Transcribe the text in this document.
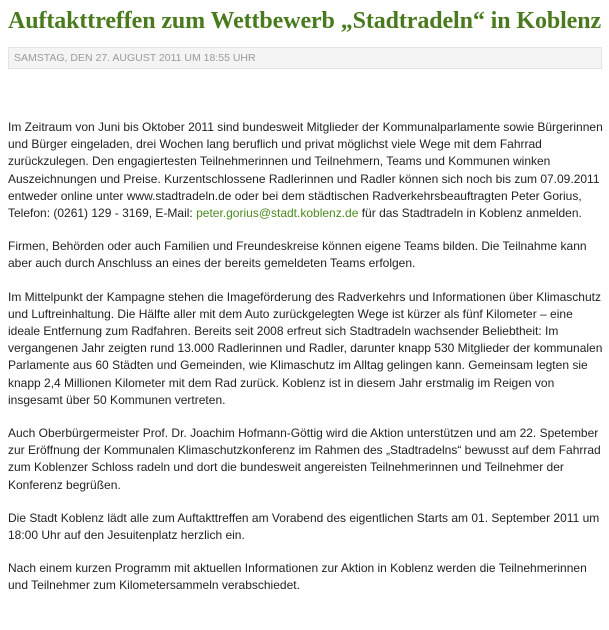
Auftakttreffen zum Wettbewerb „Stadtradeln“ in Koblenz
SAMSTAG, DEN 27. AUGUST 2011 UM 18:55 UHR

Im Zeitraum von Juni bis Oktober 2011 sind bundesweit Mitglieder der Kommunalparlamente sowie Bürgerinnen und Bürger eingeladen, drei Wochen lang beruflich und privat möglichst viele Wege mit dem Fahrrad zurückzulegen. Den engagiertesten Teilnehmerinnen und Teilnehmern, Teams und Kommunen winken Auszeichnungen und Preise. Kurzentschlossene Radlerinnen und Radler können sich noch bis zum 07.09.2011 entweder online unter www.stadtradeln.de oder bei dem städtischen Radverkehrsbeauftragten Peter Gorius, Telefon: (0261) 129 - 3169, E-Mail: peter.gorius@stadt.koblenz.de für das Stadtradeln in Koblenz anmelden.

Firmen, Behörden oder auch Familien und Freundeskreise können eigene Teams bilden. Die Teilnahme kann aber auch durch Anschluss an eines der bereits gemeldeten Teams erfolgen.

Im Mittelpunkt der Kampagne stehen die Imageförderung des Radverkehrs und Informationen über Klimaschutz und Luftreinhaltung. Die Hälfte aller mit dem Auto zurückgelegten Wege ist kürzer als fünf Kilometer – eine ideale Entfernung zum Radfahren. Bereits seit 2008 erfreut sich Stadtradeln wachsender Beliebtheit: Im vergangenen Jahr zeigten rund 13.000 Radlerinnen und Radler, darunter knapp 530 Mitglieder der kommunalen Parlamente aus 60 Städten und Gemeinden, wie Klimaschutz im Alltag gelingen kann. Gemeinsam legten sie knapp 2,4 Millionen Kilometer mit dem Rad zurück. Koblenz ist in diesem Jahr erstmalig im Reigen von insgesamt über 50 Kommunen vertreten.

Auch Oberbürgermeister Prof. Dr. Joachim Hofmann-Göttig wird die Aktion unterstützen und am 22. Spetember zur Eröffnung der Kommunalen Klimaschutzkonferenz im Rahmen des „Stadtradelns“ bewusst auf dem Fahrrad zum Koblenzer Schloss radeln und dort die bundesweit angereisten Teilnehmerinnen und Teilnehmer der Konferenz begrüßen.

Die Stadt Koblenz lädt alle zum Auftakttreffen am Vorabend des eigentlichen Starts am 01. September 2011 um 18:00 Uhr auf den Jesuitenplatz herzlich ein.

Nach einem kurzen Programm mit aktuellen Informationen zur Aktion in Koblenz werden die Teilnehmerinnen und Teilnehmer zum Kilometersammeln verabschiedet.
